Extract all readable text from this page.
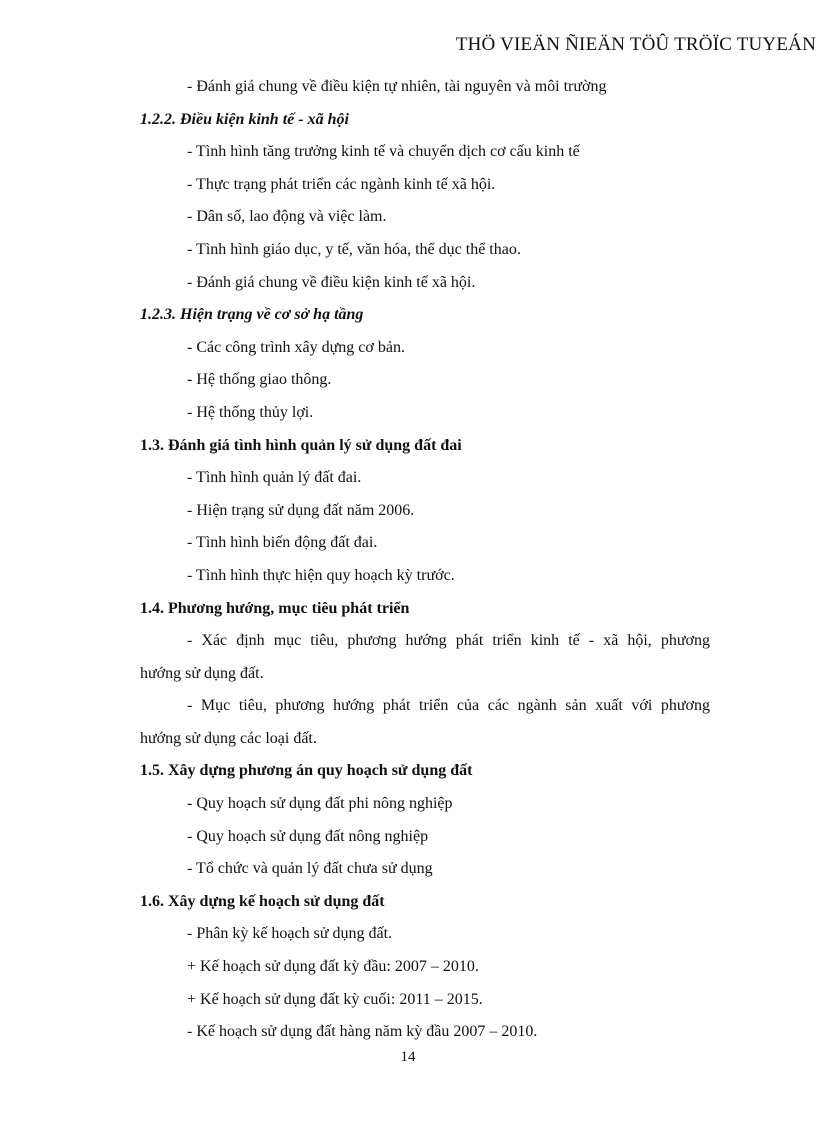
THÖ VIEÄN ÑIEÄN TÖÛ TRÖÏC TUYEÁN
- Đánh giá chung về điều kiện tự nhiên, tài nguyên và môi trường
1.2.2. Điều kiện kinh tế - xã hội
- Tình hình tăng trưởng kinh tế và chuyển dịch cơ cấu kinh tế
- Thực trạng phát triển các ngành kinh tế xã hội.
- Dân số, lao động và việc làm.
- Tình hình giáo dục, y tế, văn hóa, thể dục thể thao.
- Đánh giá chung về điều kiện kinh tế xã hội.
1.2.3. Hiện trạng về cơ sở hạ tầng
- Các công trình xây dựng cơ bản.
- Hệ thống giao thông.
- Hệ thống thủy lợi.
1.3. Đánh giá tình hình quản lý sử dụng đất đai
- Tình hình quản lý đất đai.
- Hiện trạng sử dụng đất năm 2006.
- Tình hình biến động đất đai.
- Tình hình thực hiện quy hoạch kỳ trước.
1.4. Phương hướng, mục tiêu phát triển
- Xác định mục tiêu, phương hướng phát triển kinh tế - xã hội, phương
hướng sử dụng đất.
- Mục tiêu, phương hướng phát triển của các ngành sản xuất với phương
hướng sử dụng các loại đất.
1.5. Xây dựng phương án quy hoạch sử dụng đất
- Quy hoạch sử dụng đất phi nông nghiệp
- Quy hoạch sử dụng đất nông nghiệp
- Tổ chức và quản lý đất chưa sử dụng
1.6. Xây dựng kế hoạch sử dụng đất
- Phân kỳ kế hoạch sử dụng đất.
+ Kế hoạch sử dụng đất kỳ đầu: 2007 – 2010.
+ Kế hoạch sử dụng đất kỳ cuối: 2011 – 2015.
- Kế hoạch sử dụng đất hàng năm kỳ đầu 2007 – 2010.
14
